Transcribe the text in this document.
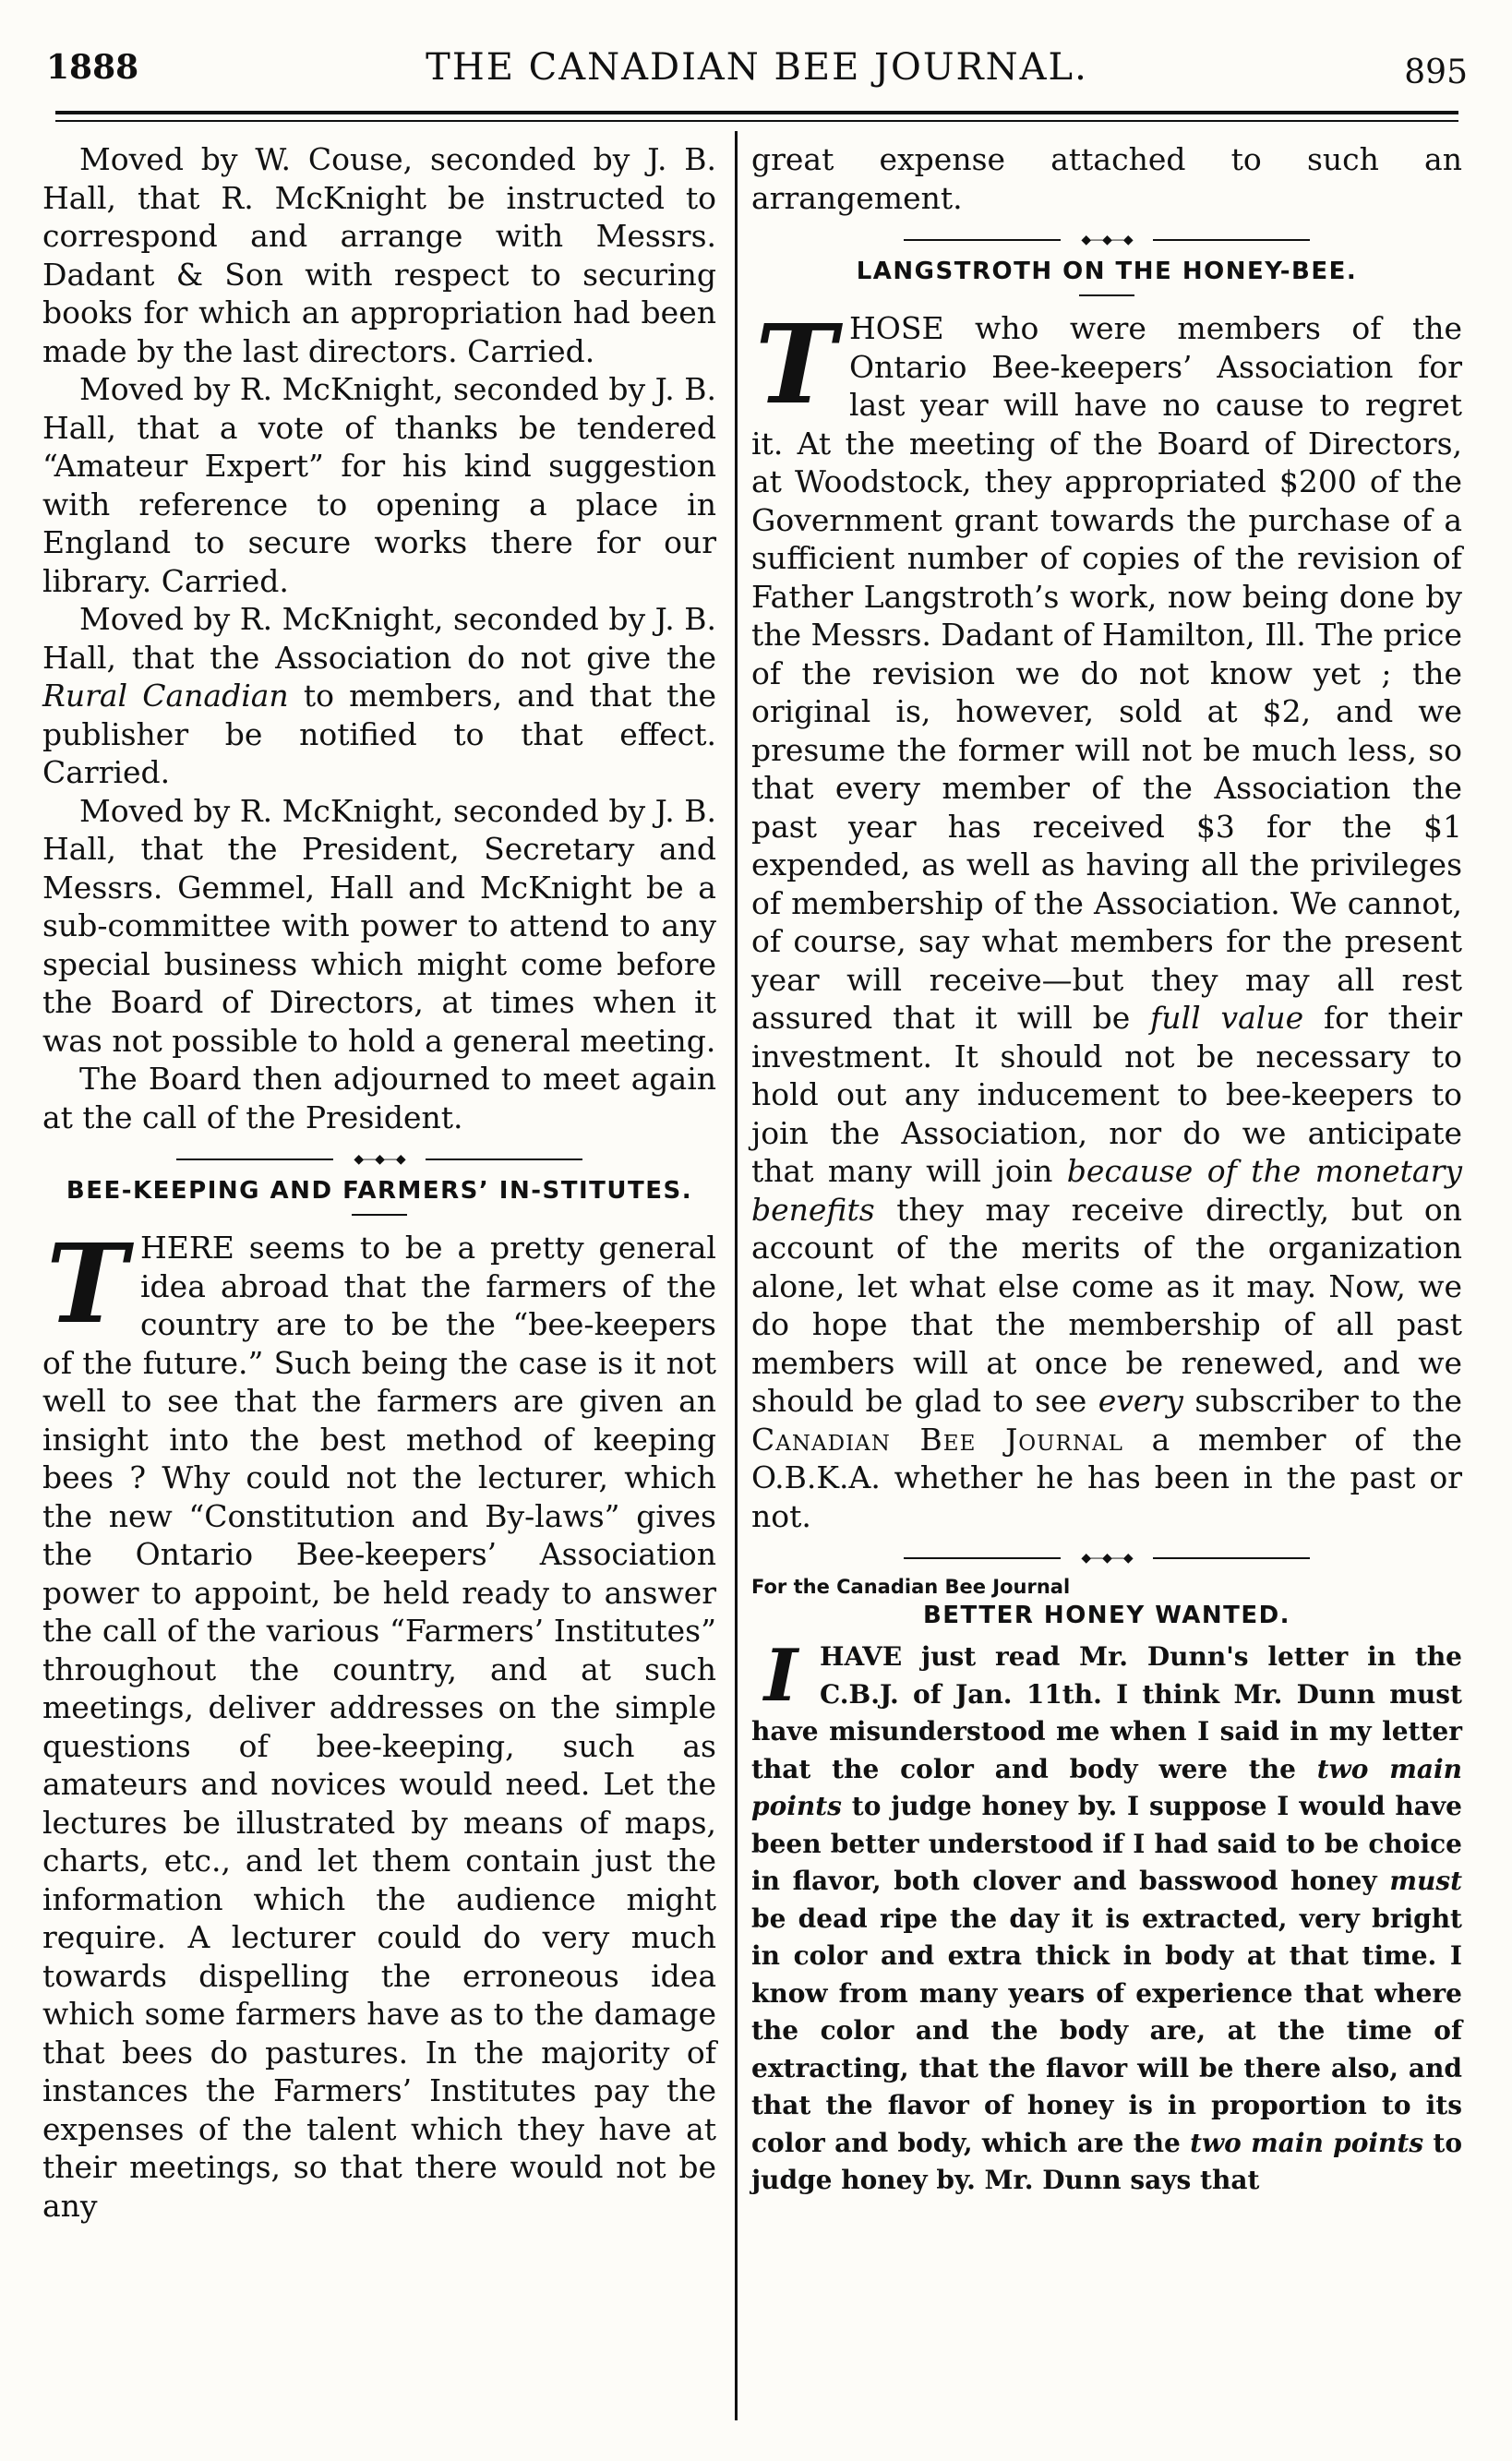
1888	THE CANADIAN BEE JOURNAL.	895

Moved by W. Couse, seconded by J. B. Hall, that R. McKnight be instructed to correspond and arrange with Messrs. Dadant & Son with respect to securing books for which an appropriation had been made by the last directors. Carried.

Moved by R. McKnight, seconded by J. B. Hall, that a vote of thanks be tendered “Amateur Expert” for his kind suggestion with reference to opening a place in England to secure works there for our library. Carried.

Moved by R. McKnight, seconded by J. B. Hall, that the Association do not give the Rural Canadian to members, and that the publisher be notified to that effect. Carried.

Moved by R. McKnight, seconded by J. B. Hall, that the President, Secretary and Messrs. Gemmel, Hall and McKnight be a sub-committee with power to attend to any special business which might come before the Board of Directors, at times when it was not possible to hold a general meeting.

The Board then adjourned to meet again at the call of the President.

◆—◆—◆
BEE-KEEPING AND FARMERS’ IN-STITUTES.

THERE seems to be a pretty general idea abroad that the farmers of the country are to be the “bee-keepers of the future.” Such being the case is it not well to see that the farmers are given an insight into the best method of keeping bees ? Why could not the lecturer, which the new “Constitution and By-laws” gives the Ontario Bee-keepers’ Association power to appoint, be held ready to answer the call of the various “Farmers’ Institutes” throughout the country, and at such meetings, deliver addresses on the simple questions of bee-keeping, such as amateurs and novices would need. Let the lectures be illustrated by means of maps, charts, etc., and let them contain just the information which the audience might require. A lecturer could do very much towards dispelling the erroneous idea which some farmers have as to the damage that bees do pastures. In the majority of instances the Farmers’ Institutes pay the expenses of the talent which they have at their meetings, so that there would not be any

great expense attached to such an arrangement.

◆—◆—◆
LANGSTROTH ON THE HONEY-BEE.

THOSE who were members of the Ontario Bee-keepers’ Association for last year will have no cause to regret it. At the meeting of the Board of Directors, at Woodstock, they appropriated $200 of the Government grant towards the purchase of a sufficient number of copies of the revision of Father Langstroth’s work, now being done by the Messrs. Dadant of Hamilton, Ill. The price of the revision we do not know yet ; the original is, however, sold at $2, and we presume the former will not be much less, so that every member of the Association the past year has received $3 for the $1 expended, as well as having all the privileges of membership of the Association. We cannot, of course, say what members for the present year will receive—but they may all rest assured that it will be full value for their investment. It should not be necessary to hold out any inducement to bee-keepers to join the Association, nor do we anticipate that many will join because of the monetary benefits they may receive directly, but on account of the merits of the organization alone, let what else come as it may. Now, we do hope that the membership of all past members will at once be renewed, and we should be glad to see every subscriber to the Canadian Bee Journal a member of the O.B.K.A. whether he has been in the past or not.

◆—◆—◆
For the Canadian Bee Journal
BETTER HONEY WANTED.

IHAVE just read Mr. Dunn's letter in the C.B.J. of Jan. 11th. I think Mr. Dunn must have misunderstood me when I said in my letter that the color and body were the two main points to judge honey by. I suppose I would have been better understood if I had said to be choice in flavor, both clover and basswood honey must be dead ripe the day it is extracted, very bright in color and extra thick in body at that time. I know from many years of experience that where the color and the body are, at the time of extracting, that the flavor will be there also, and that the flavor of honey is in proportion to its color and body, which are the two main points to judge honey by. Mr. Dunn says that
